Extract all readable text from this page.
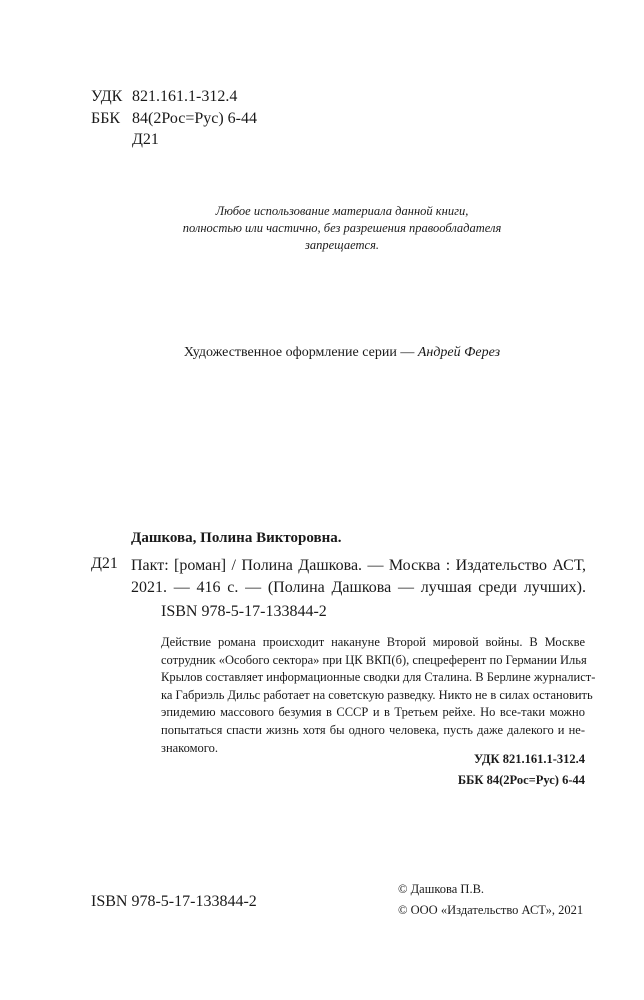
УДК 821.161.1-312.4
ББК 84(2Рос=Рус) 6-44
Д21
Любое использование материала данной книги,
полностью или частично, без разрешения правообладателя
запрещается.
Художественное оформление серии — Андрей Ферез
Дашкова, Полина Викторовна.
Д21 Пакт: [роман] / Полина Дашкова. — Москва : Издательство АСТ,
2021. — 416 с. — (Полина Дашкова — лучшая среди лучших).
ISBN 978-5-17-133844-2
Действие романа происходит накануне Второй мировой войны. В Москве
сотрудник «Особого сектора» при ЦК ВКП(б), спецреферент по Германии Илья
Крылов составляет информационные сводки для Сталина. В Берлине журналист-
ка Габриэль Дильс работает на советскую разведку. Никто не в силах остановить
эпидемию массового безумия в СССР и в Третьем рейхе. Но все-таки можно
попытаться спасти жизнь хотя бы одного человека, пусть даже далекого и не-
знакомого.
УДК 821.161.1-312.4
ББК 84(2Рос=Рус) 6-44
ISBN 978-5-17-133844-2
© Дашкова П.В.
© ООО «Издательство АСТ», 2021
